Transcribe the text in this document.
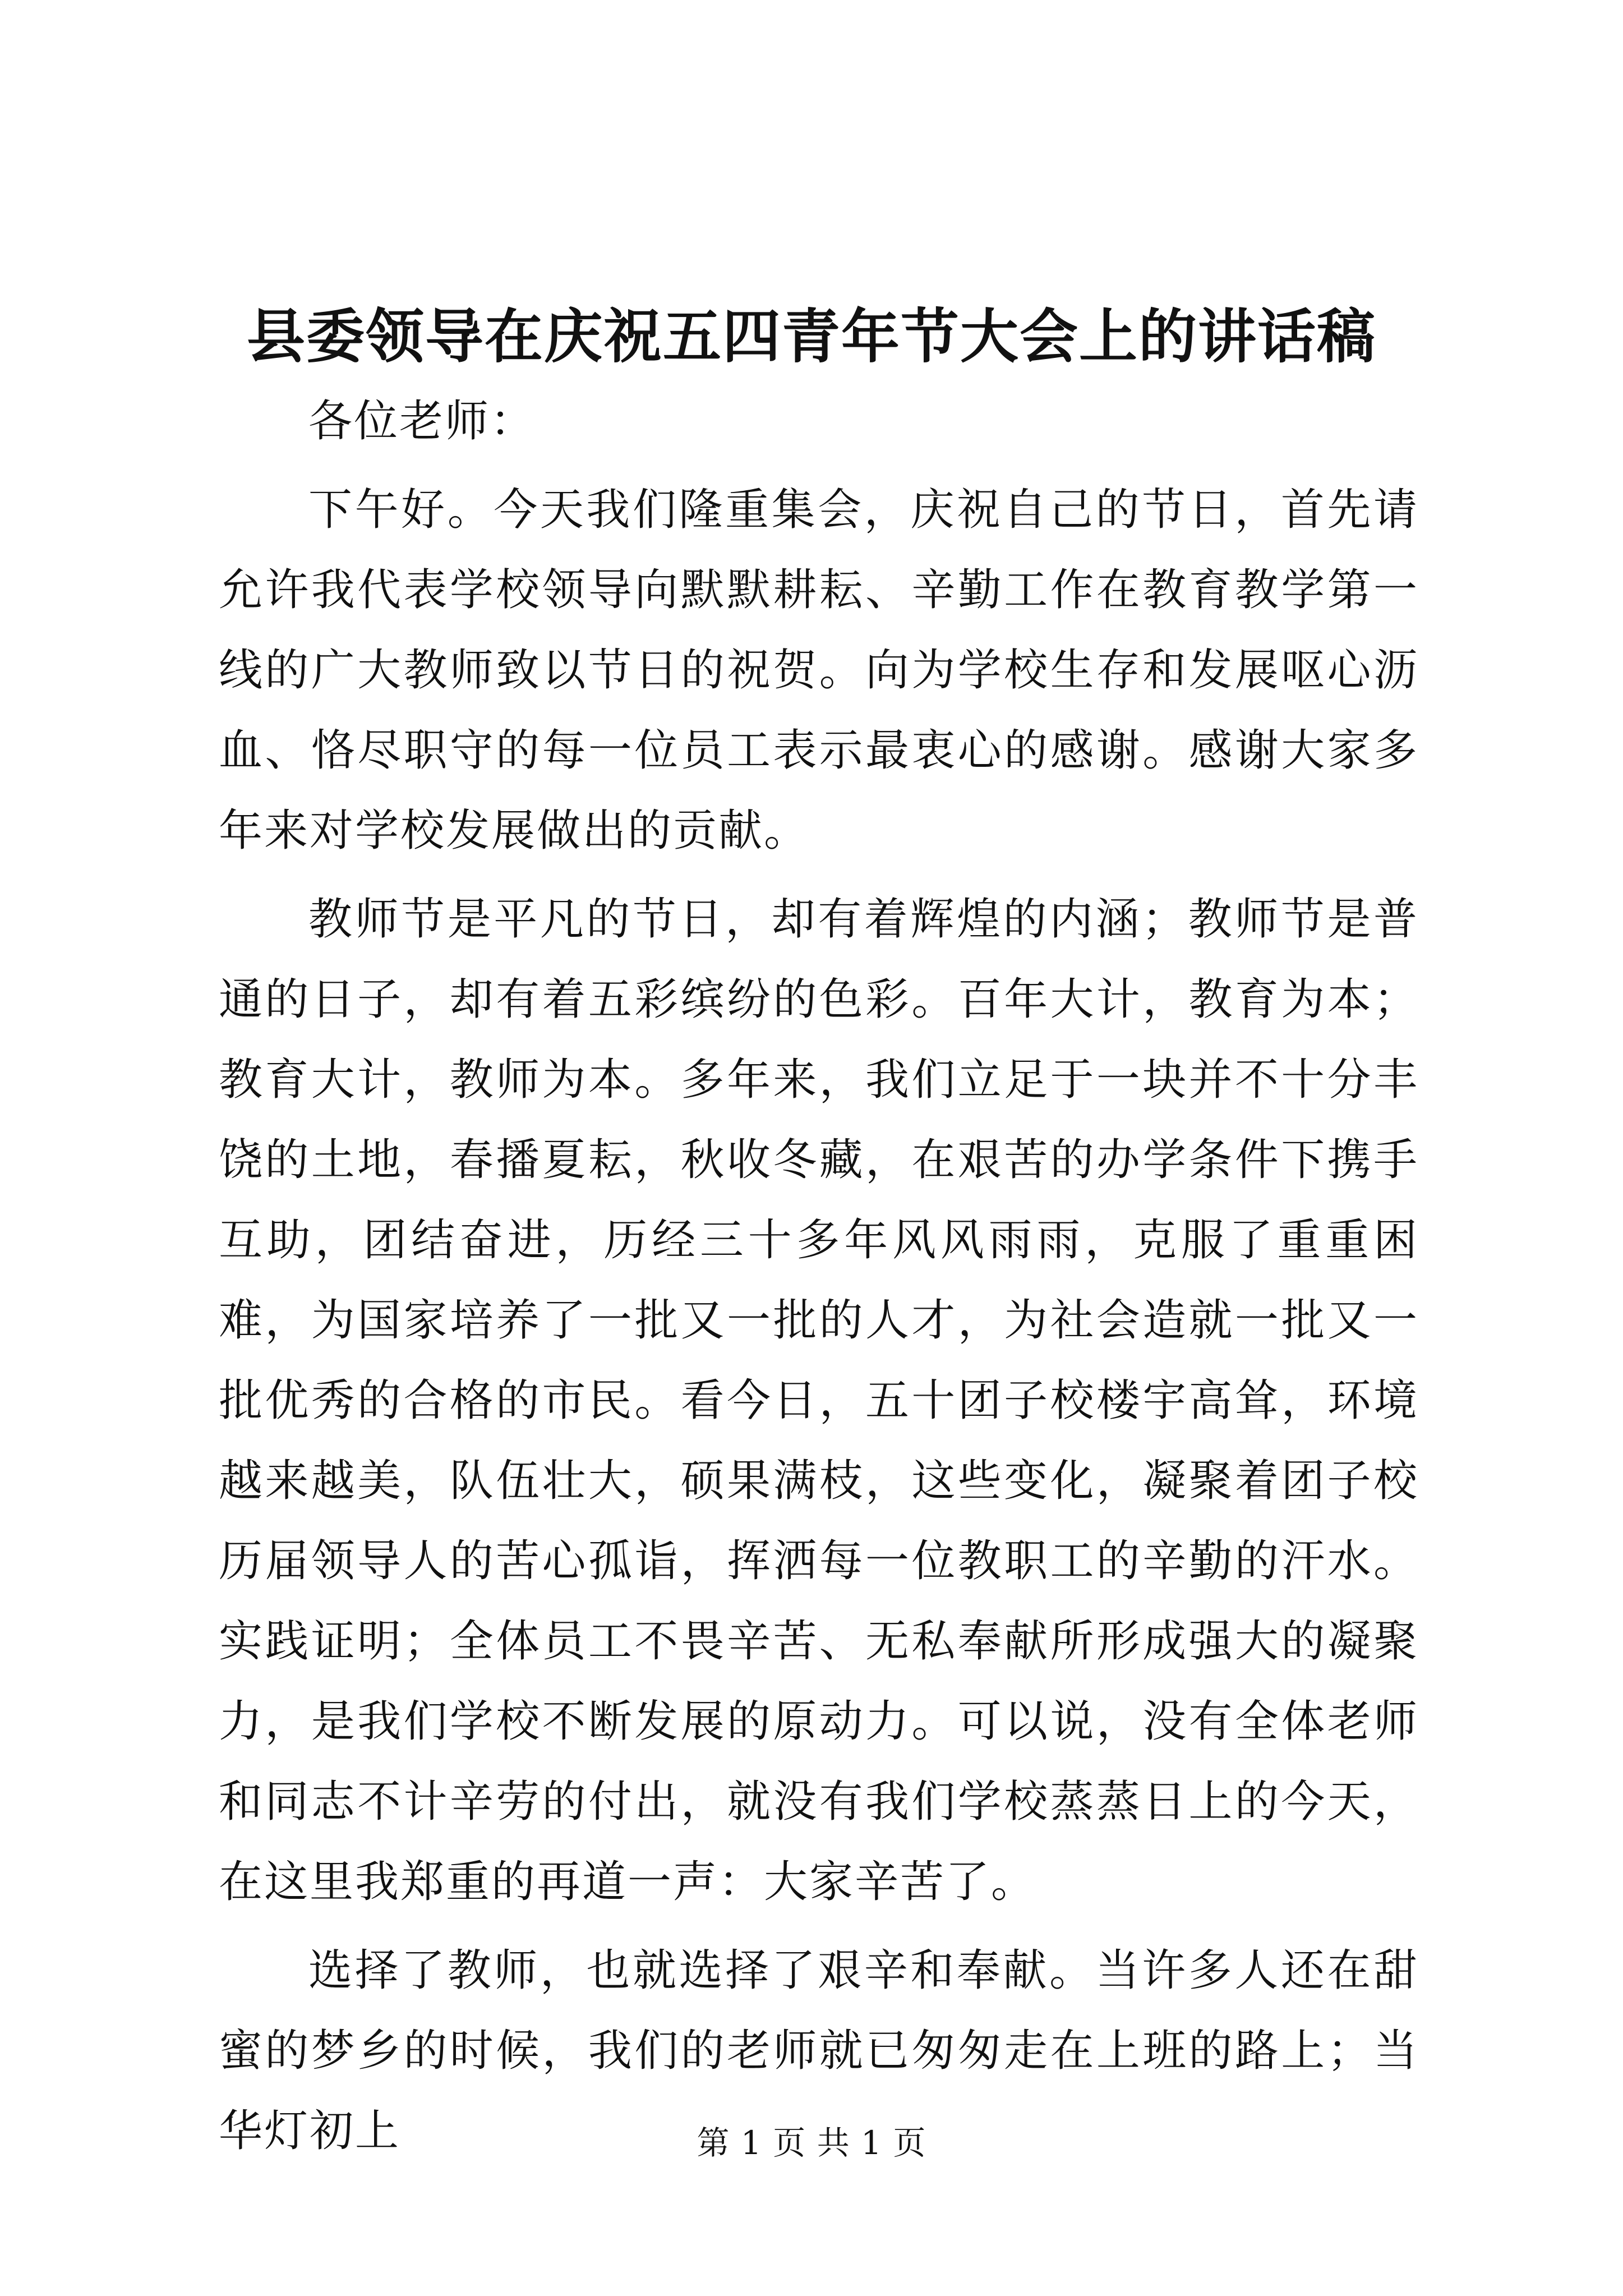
县委领导在庆祝五四青年节大会上的讲话稿

各位老师：

下午好。今天我们隆重集会，庆祝自己的节日，首先请允许我代表学校领导向默默耕耘、辛勤工作在教育教学第一线的广大教师致以节日的祝贺。向为学校生存和发展呕心沥血、恪尽职守的每一位员工表示最衷心的感谢。感谢大家多年来对学校发展做出的贡献。

教师节是平凡的节日，却有着辉煌的内涵；教师节是普通的日子，却有着五彩缤纷的色彩。百年大计，教育为本；教育大计，教师为本。多年来，我们立足于一块并不十分丰饶的土地，春播夏耘，秋收冬藏，在艰苦的办学条件下携手互助，团结奋进，历经三十多年风风雨雨，克服了重重困难，为国家培养了一批又一批的人才，为社会造就一批又一批优秀的合格的市民。看今日，五十团子校楼宇高耸，环境越来越美，队伍壮大，硕果满枝，这些变化，凝聚着团子校历届领导人的苦心孤诣，挥洒每一位教职工的辛勤的汗水。实践证明；全体员工不畏辛苦、无私奉献所形成强大的凝聚力，是我们学校不断发展的原动力。可以说，没有全体老师和同志不计辛劳的付出，就没有我们学校蒸蒸日上的今天，在这里我郑重的再道一声：大家辛苦了。

选择了教师，也就选择了艰辛和奉献。当许多人还在甜蜜的梦乡的时候，我们的老师就已匆匆走在上班的路上；当华灯初上	第 1 页 共 1 页
